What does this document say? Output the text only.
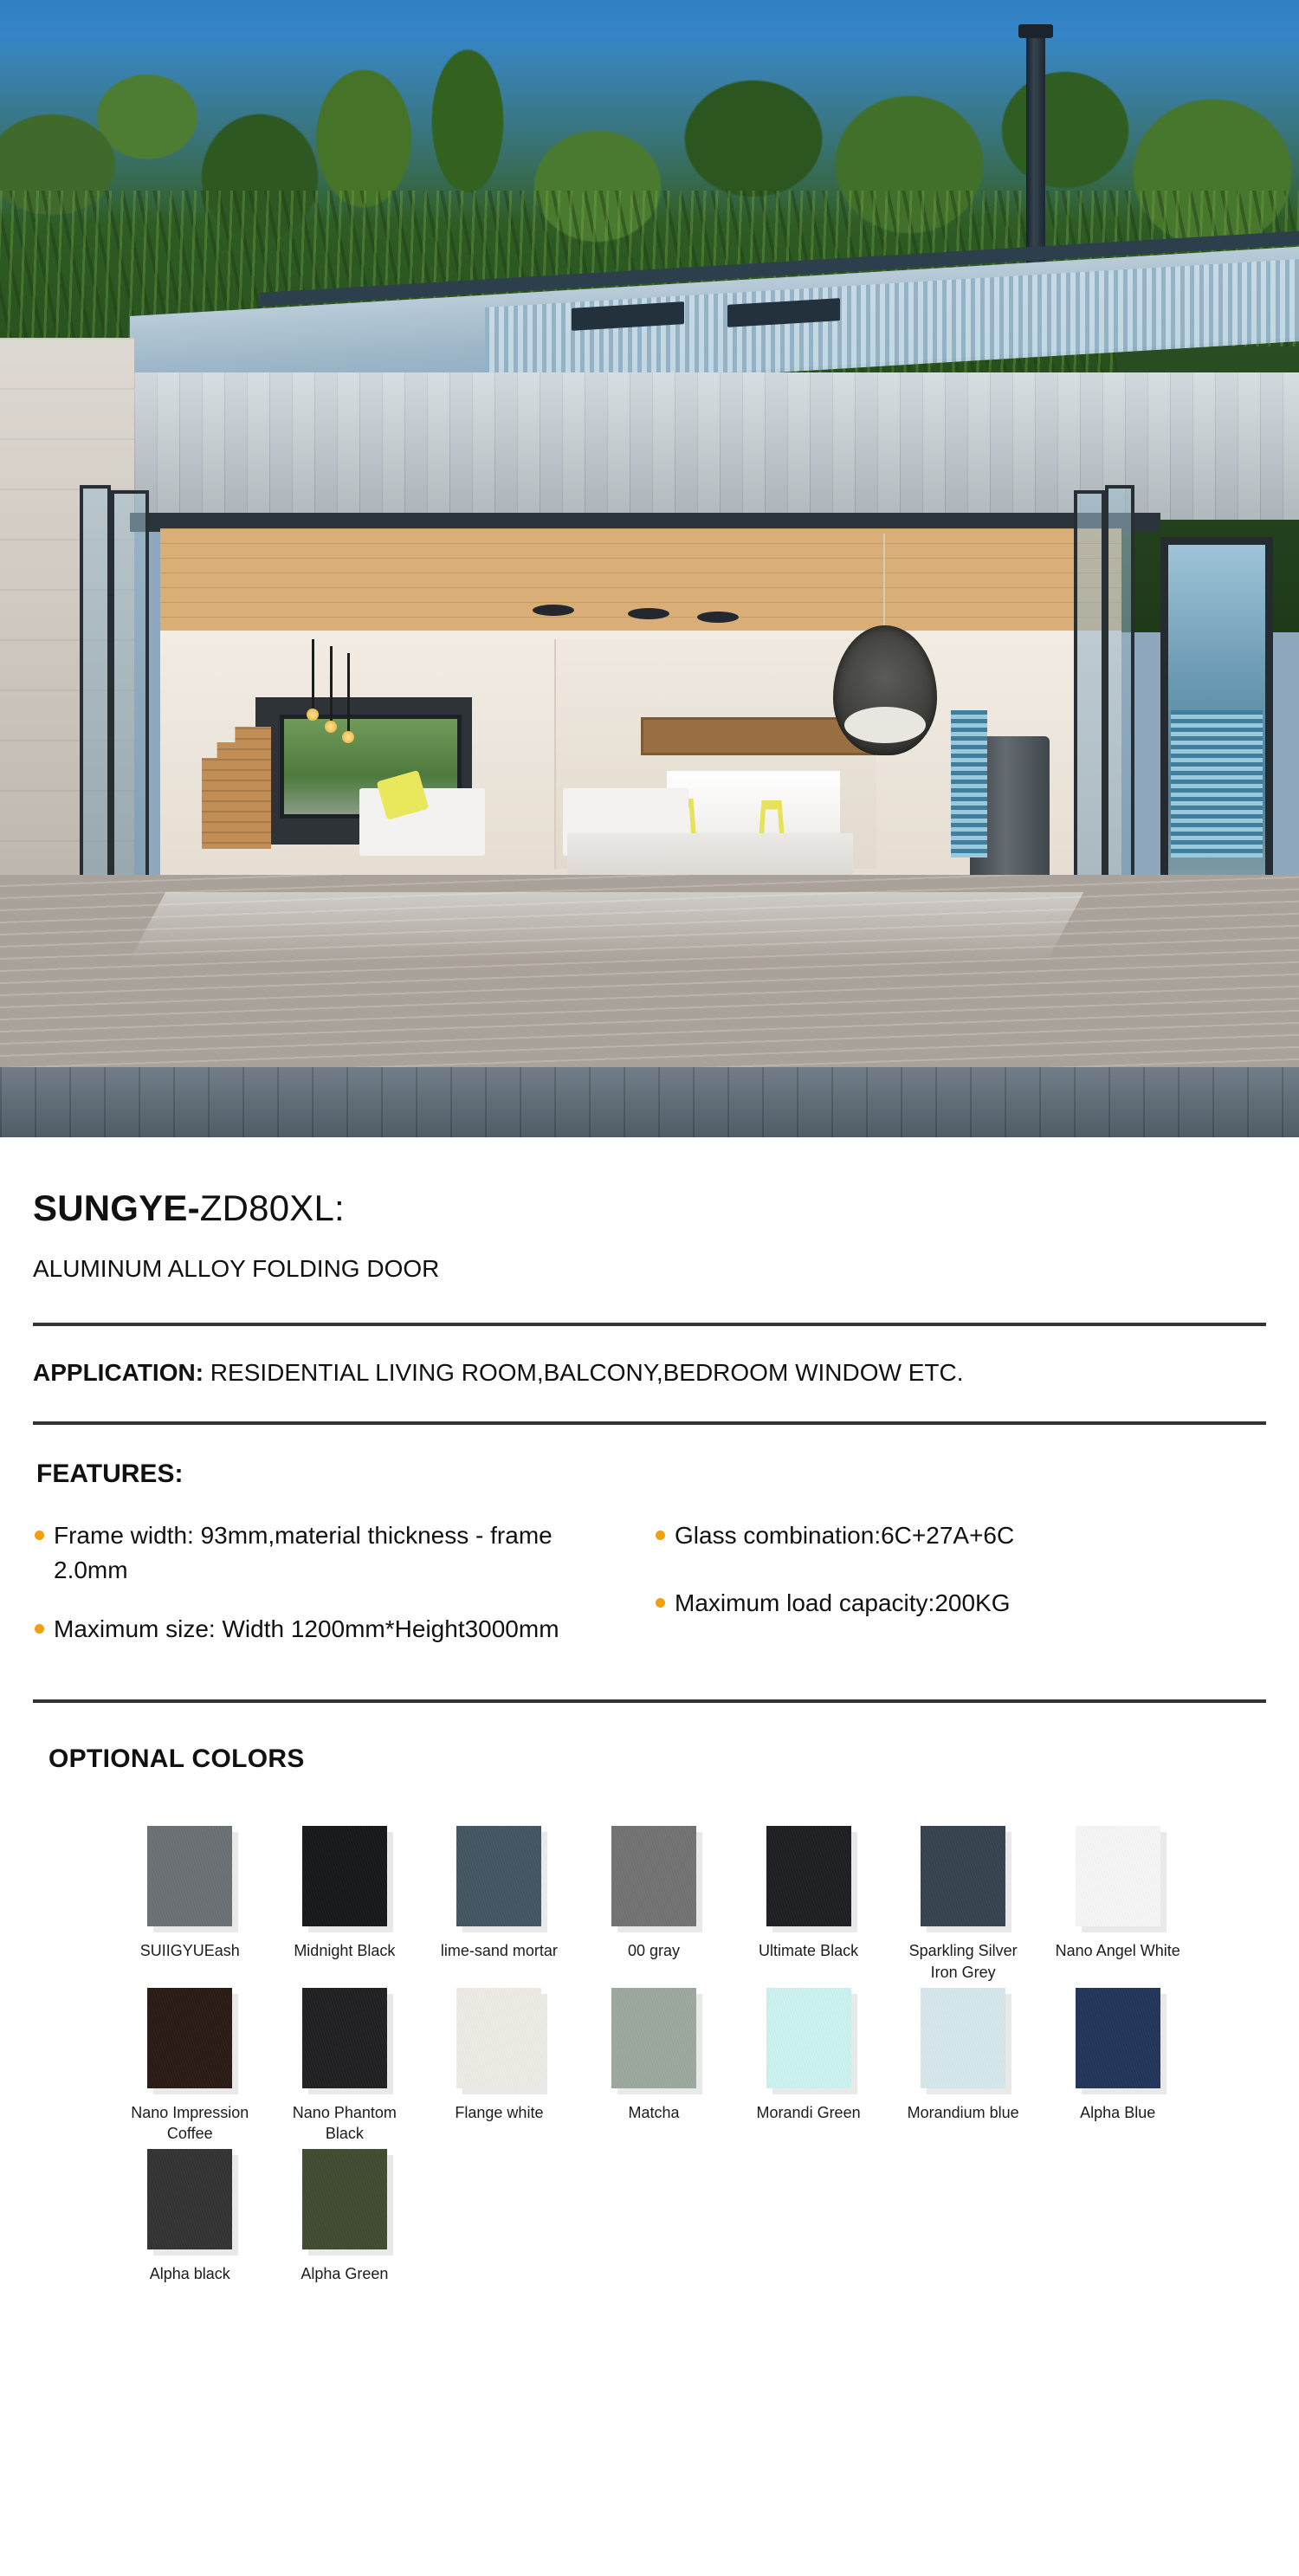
SUNGYE-ZD80XL:
ALUMINUM ALLOY FOLDING DOOR
APPLICATION: RESIDENTIAL LIVING ROOM,BALCONY,BEDROOM WINDOW ETC.
FEATURES:
Frame width: 93mm,material thickness - frame 2.0mm
Maximum size: Width 1200mm*Height3000mm
Glass combination:6C+27A+6C
Maximum load capacity:200KG
OPTIONAL COLORS
SUIIGYUEash	Midnight Black	lime-sand mortar	00 gray	Ultimate Black	Sparkling Silver Iron Grey
Nano Angel White
Nano Impression Coffee
Nano Phantom Black
Flange white	Matcha	Morandi Green	Morandium blue	Alpha Blue
Alpha black	Alpha Green
